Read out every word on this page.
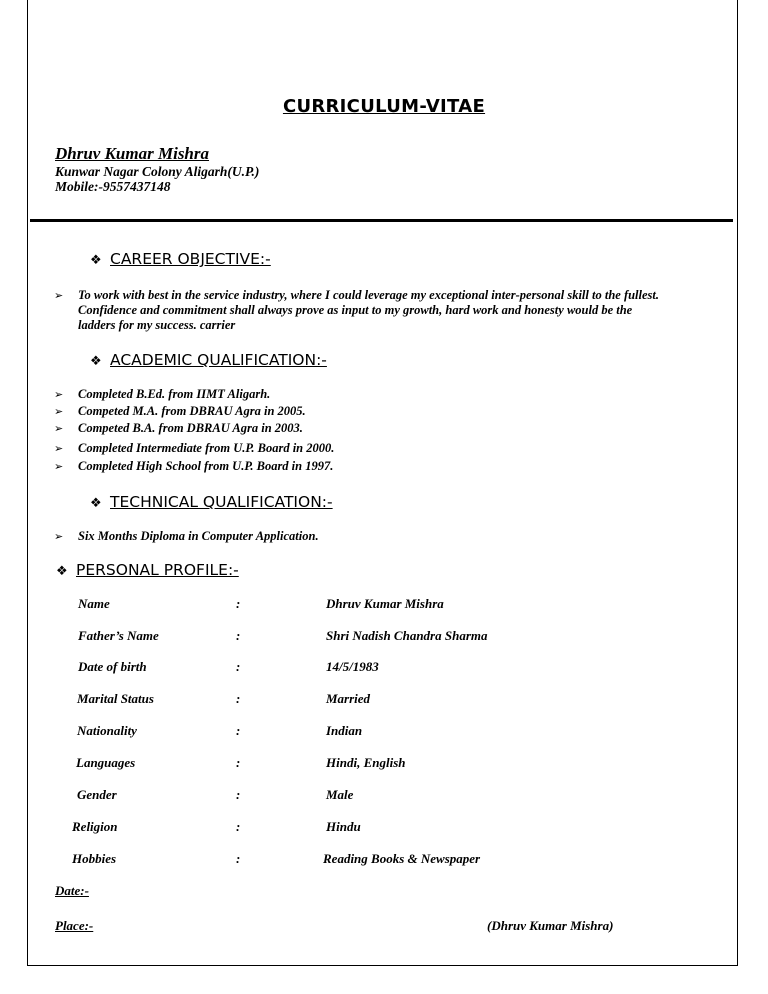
CURRICULUM-VITAE
Dhruv Kumar Mishra
Kunwar Nagar Colony Aligarh(U.P.)
Mobile:-9557437148
❖ CAREER OBJECTIVE:-
➢ To work with best in the service industry, where I could leverage my exceptional inter-personal skill to the fullest.
Confidence and commitment shall always prove as input to my growth, hard work and honesty would be the
ladders for my success. carrier
❖ ACADEMIC QUALIFICATION:-
➢ Completed B.Ed. from IIMT Aligarh.
➢ Competed M.A. from DBRAU Agra in 2005.
➢ Competed B.A. from DBRAU Agra in 2003.
➢ Completed Intermediate from U.P. Board in 2000.
➢ Completed High School from U.P. Board in 1997.
❖ TECHNICAL QUALIFICATION:-
➢ Six Months Diploma in Computer Application.
❖ PERSONAL PROFILE:-
Name	:	Dhruv Kumar Mishra
Father’s Name	:	Shri Nadish Chandra Sharma
Date of birth	:	14/5/1983
Marital Status	:	Married
Nationality	:	Indian
Languages	:	Hindi, English
Gender	:	Male
Religion	:	Hindu
Hobbies	:	Reading Books & Newspaper
Date:-
Place:-	(Dhruv Kumar Mishra)
